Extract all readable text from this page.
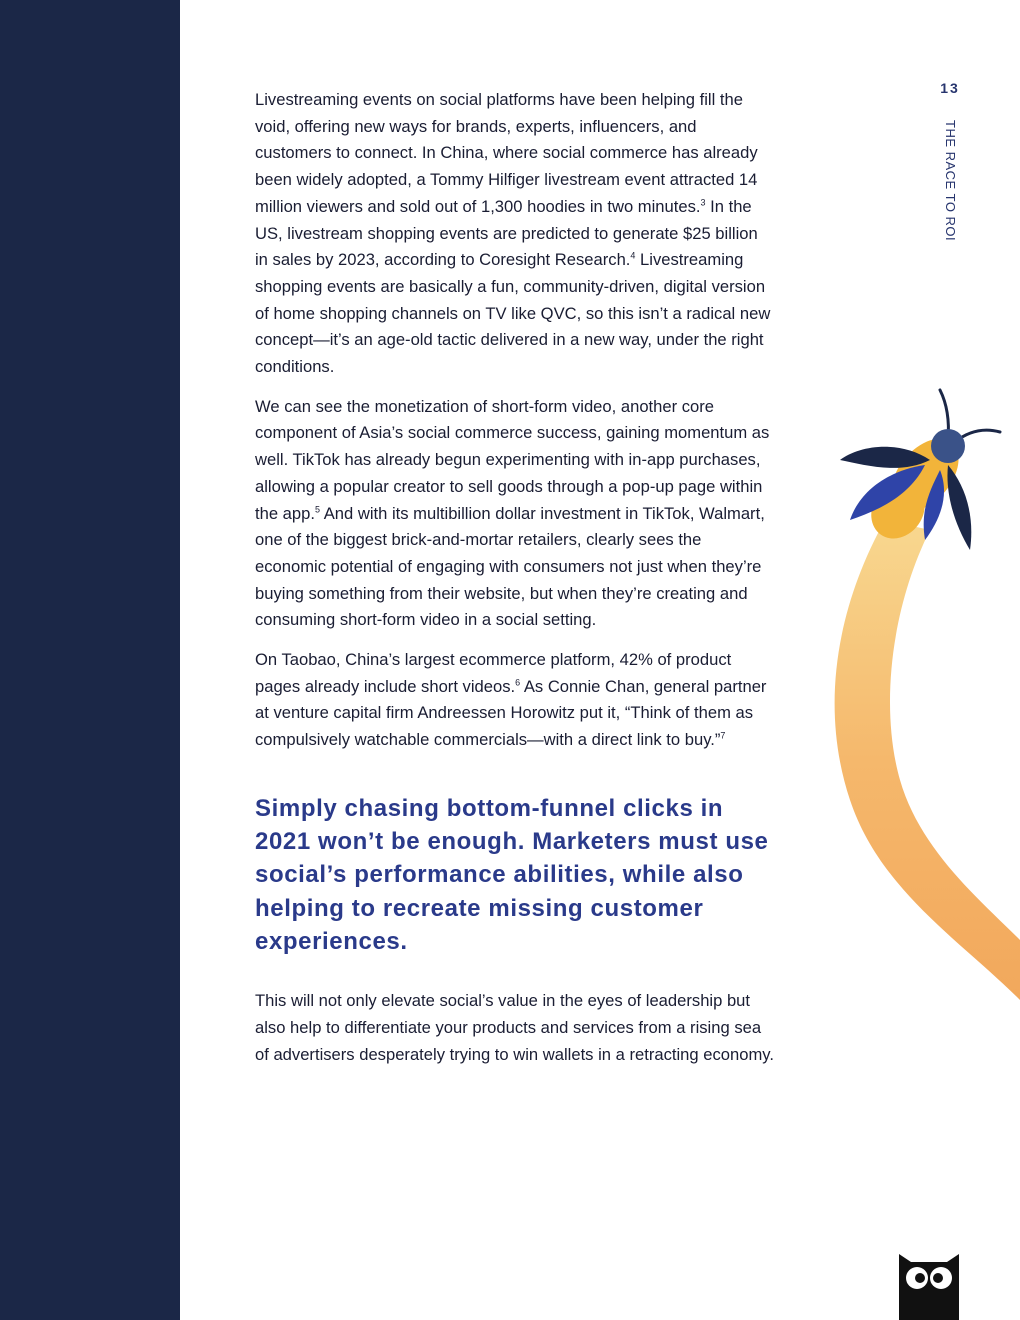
13
THE RACE TO ROI

Livestreaming events on social platforms have been helping fill the void, offering new ways for brands, experts, influencers, and customers to connect. In China, where social commerce has already been widely adopted, a Tommy Hilfiger livestream event attracted 14 million viewers and sold out of 1,300 hoodies in two minutes.$^3$ In the US, livestream shopping events are predicted to generate $25 billion in sales by 2023, according to Coresight Research.$^4$ Livestreaming shopping events are basically a fun, community-driven, digital version of home shopping channels on TV like QVC, so this isn’t a radical new concept—it’s an age-old tactic delivered in a new way, under the right conditions.

We can see the monetization of short-form video, another core component of Asia’s social commerce success, gaining momentum as well. TikTok has already begun experimenting with in-app purchases, allowing a popular creator to sell goods through a pop-up page within the app.$^5$ And with its multibillion dollar investment in TikTok, Walmart, one of the biggest brick-and-mortar retailers, clearly sees the economic potential of engaging with consumers not just when they’re buying something from their website, but when they’re creating and consuming short-form video in a social setting.

On Taobao, China’s largest ecommerce platform, 42% of product pages already include short videos.$^6$ As Connie Chan, general partner at venture capital firm Andreessen Horowitz put it, “Think of them as compulsively watchable commercials—with a direct link to buy.”$^7$

Simply chasing bottom-funnel clicks in 2021 won’t be enough. Marketers must use social’s performance abilities, while also helping to recreate missing customer experiences.

This will not only elevate social’s value in the eyes of leadership but also help to differentiate your products and services from a rising sea of advertisers desperately trying to win wallets in a retracting economy.
